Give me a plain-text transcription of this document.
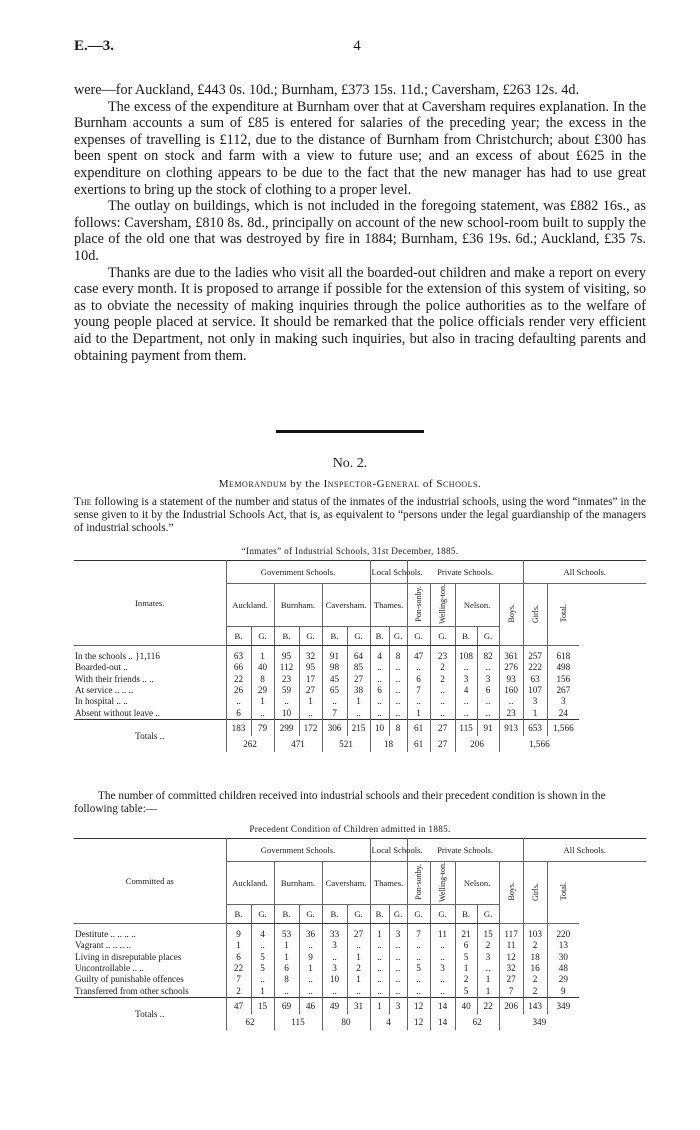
E.—3.	4

were—for Auckland, £443 0s. 10d.; Burnham, £373 15s. 11d.; Caversham, £263 12s. 4d.

The excess of the expenditure at Burnham over that at Caversham requires explanation. In the Burnham accounts a sum of £85 is entered for salaries of the preceding year; the excess in the expenses of travelling is £112, due to the distance of Burnham from Christchurch; about £300 has been spent on stock and farm with a view to future use; and an excess of about £625 in the expenditure on clothing appears to be due to the fact that the new manager has had to use great exertions to bring up the stock of clothing to a proper level.

The outlay on buildings, which is not included in the foregoing statement, was £882 16s., as follows: Caversham, £810 8s. 8d., principally on account of the new school-room built to supply the place of the old one that was destroyed by fire in 1884; Burnham, £36 19s. 6d.; Auckland, £35 7s. 10d.

Thanks are due to the ladies who visit all the boarded-out children and make a report on every case every month. It is proposed to arrange if possible for the extension of this system of visiting, so as to obviate the necessity of making inquiries through the police authorities as to the welfare of young people placed at service. It should be remarked that the police officials render very efficient aid to the Department, not only in making such inquiries, but also in tracing defaulting parents and obtaining payment from them.

No. 2.
Memorandum by the Inspector-General of Schools.
The following is a statement of the number and status of the inmates of the industrial schools, using the word “inmates” in the sense given to it by the Industrial Schools Act, that is, as equivalent to “persons under the legal guardianship of the managers of industrial schools.”
“Inmates” of Industrial Schools, 31st December, 1885.
Inmates.	Government Schools.						Local Schools.		Private Schools.					All Schools.	
	Auckland.		Burnham.		Caversham.		Thames.		Pon-sonby.	Welling-ton.	Nelson.		Boys.	Girls.	Total.
	B.	G.	B.	G.	B.	G.	B.	G.	G.	G.	B.	G.			
In the schools .. }1,116	63	1	95	32	91	64	4	8	47	23	108	82	361	257	618
Boarded-out ..	66	40	112	95	98	85	..	..	..	2	..	..	276	222	498
With their friends .. ..	22	8	23	17	45	27	..	..	6	2	3	3	93	63	156
At service .. .. ..	26	29	59	27	65	38	6	..	7	..	4	6	160	107	267
In hospital .. ..	..	1	..	1	..	1	..	..	..	..	..	..	..	3	3
Absent without leave ..	6	..	10	..	7	..	..	..	1	..	..	..	23	1	24
Totals ..	183	79	299	172	306	215	10	8	61	27	115	91	913	653	1,566
	262		471		521		18		61	27	206		1,566		
The number of committed children received into industrial schools and their precedent condition is shown in the following table:—
Precedent Condition of Children admitted in 1885.
Committed as	Government Schools.						Local Schools.		Private Schools.					All Schools.	
	Auckland.		Burnham.		Caversham.		Thames.		Pon-sonby.	Welling-ton.	Nelson.		Boys.	Girls.	Total.
	B.	G.	B.	G.	B.	G.	B.	G.	G.	G.	B.	G.			
Destitute .. .. .. ..	9	4	53	36	33	27	1	3	7	11	21	15	117	103	220
Vagrant .. .. .. ..	1	..	1	..	3	..	..	..	..	..	6	2	11	2	13
Living in disreputable places	6	5	1	9	..	1	..	..	..	..	5	3	12	18	30
Uncontrollable .. ..	22	5	6	1	3	2	..	..	5	3	1	..	32	16	48
Guilty of punishable offences	7	..	8	..	10	1	..	..	..	..	2	1	27	2	29
Transferred from other schools	2	1	..	..	..	..	..	..	..	..	5	1	7	2	9
Totals ..	47	15	69	46	49	31	1	3	12	14	40	22	206	143	349
	62		115		80		4		12	14	62		349		
